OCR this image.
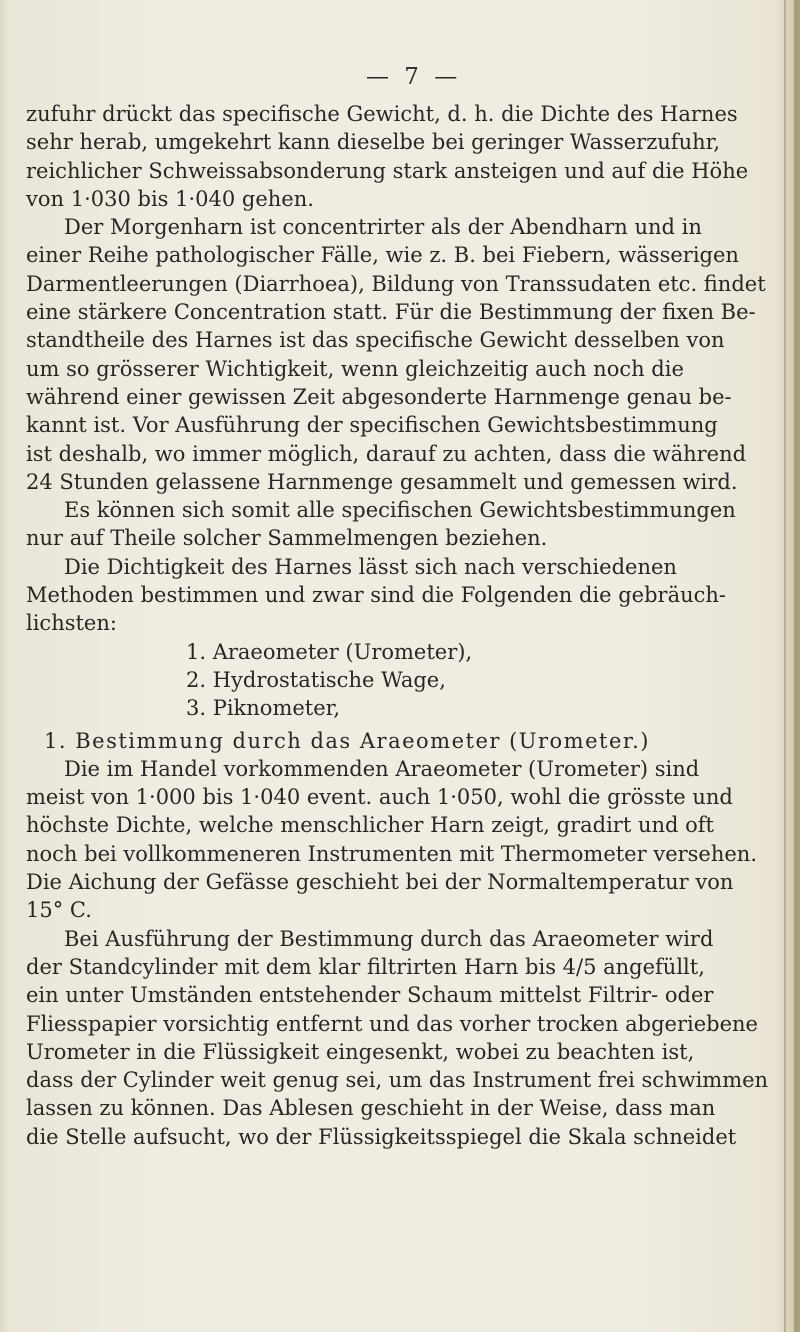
— 7 —
zufuhr drückt das specifische Gewicht, d. h. die Dichte des Harnes
sehr herab, umgekehrt kann dieselbe bei geringer Wasserzufuhr,
reichlicher Schweissabsonderung stark ansteigen und auf die Höhe
von 1·030 bis 1·040 gehen.
Der Morgenharn ist concentrirter als der Abendharn und in
einer Reihe pathologischer Fälle, wie z. B. bei Fiebern, wässerigen
Darmentleerungen (Diarrhoea), Bildung von Transsudaten etc. findet
eine stärkere Concentration statt. Für die Bestimmung der fixen Be-
standtheile des Harnes ist das specifische Gewicht desselben von
um so grösserer Wichtigkeit, wenn gleichzeitig auch noch die
während einer gewissen Zeit abgesonderte Harnmenge genau be-
kannt ist. Vor Ausführung der specifischen Gewichtsbestimmung
ist deshalb, wo immer möglich, darauf zu achten, dass die während
24 Stunden gelassene Harnmenge gesammelt und gemessen wird.
Es können sich somit alle specifischen Gewichtsbestimmungen
nur auf Theile solcher Sammelmengen beziehen.
Die Dichtigkeit des Harnes lässt sich nach verschiedenen
Methoden bestimmen und zwar sind die Folgenden die gebräuch-
lichsten:
1. Araeometer (Urometer),
2. Hydrostatische Wage,
3. Piknometer,
1. Bestimmung durch das Araeometer (Urometer.)
Die im Handel vorkommenden Araeometer (Urometer) sind
meist von 1·000 bis 1·040 event. auch 1·050, wohl die grösste und
höchste Dichte, welche menschlicher Harn zeigt, gradirt und oft
noch bei vollkommeneren Instrumenten mit Thermometer versehen.
Die Aichung der Gefässe geschieht bei der Normaltemperatur von
15° C.
Bei Ausführung der Bestimmung durch das Araeometer wird
der Standcylinder mit dem klar filtrirten Harn bis 4/5 angefüllt,
ein unter Umständen entstehender Schaum mittelst Filtrir- oder
Fliesspapier vorsichtig entfernt und das vorher trocken abgeriebene
Urometer in die Flüssigkeit eingesenkt, wobei zu beachten ist,
dass der Cylinder weit genug sei, um das Instrument frei schwimmen
lassen zu können. Das Ablesen geschieht in der Weise, dass man
die Stelle aufsucht, wo der Flüssigkeitsspiegel die Skala schneidet
